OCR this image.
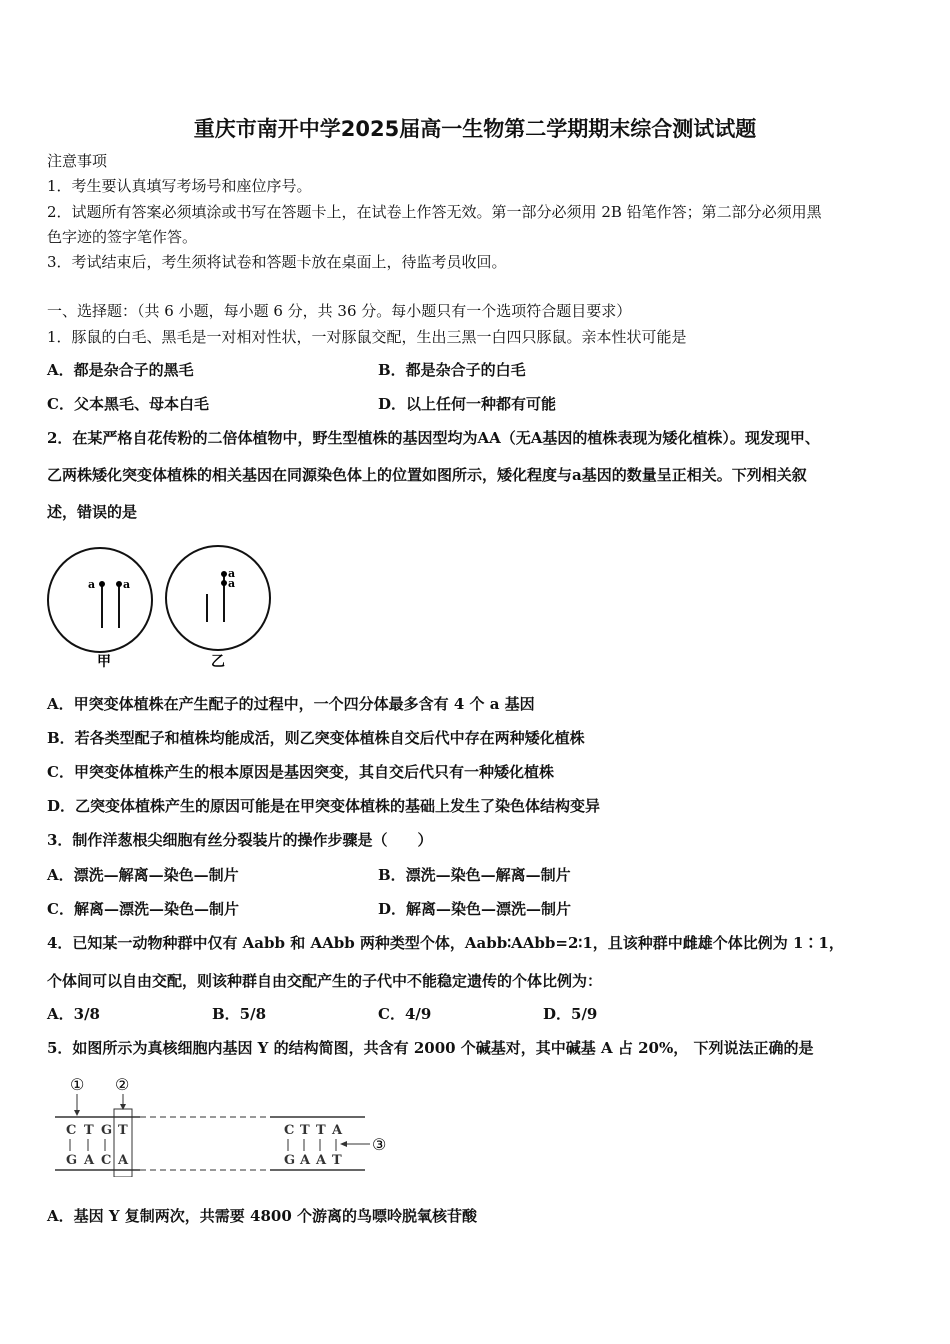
重庆市南开中学2025届高一生物第二学期期末综合测试试题
注意事项
1．考生要认真填写考场号和座位序号。
2．试题所有答案必须填涂或书写在答题卡上，在试卷上作答无效。第一部分必须用 2B 铅笔作答；第二部分必须用黑
色字迹的签字笔作答。
3．考试结束后，考生须将试卷和答题卡放在桌面上，待监考员收回。
一、选择题：（共 6 小题，每小题 6 分，共 36 分。每小题只有一个选项符合题目要求）
1．豚鼠的白毛、黑毛是一对相对性状，一对豚鼠交配，生出三黑一白四只豚鼠。亲本性状可能是
A．都是杂合子的黑毛	B．都是杂合子的白毛
C．父本黑毛、母本白毛	D．以上任何一种都有可能
2．在某严格自花传粉的二倍体植物中，野生型植株的基因型均为AA（无A基因的植株表现为矮化植株）。现发现甲、
乙两株矮化突变体植株的相关基因在同源染色体上的位置如图所示，矮化程度与a基因的数量呈正相关。下列相关叙
述，错误的是
a	a
a
a
甲	乙
A．甲突变体植株在产生配子的过程中，一个四分体最多含有 4 个 a 基因
B．若各类型配子和植株均能成活，则乙突变体植株自交后代中存在两种矮化植株
C．甲突变体植株产生的根本原因是基因突变，其自交后代只有一种矮化植株
D．乙突变体植株产生的原因可能是在甲突变体植株的基础上发生了染色体结构变异
3．制作洋葱根尖细胞有丝分裂装片的操作步骤是（　　）
A．漂洗—解离—染色—制片	B．漂洗—染色—解离—制片
C．解离—漂洗—染色—制片	D．解离—染色—漂洗—制片
4．已知某一动物种群中仅有 Aabb 和 AAbb 两种类型个体，Aabb∶AAbb=2∶1，且该种群中雌雄个体比例为 1∶1，
个体间可以自由交配，则该种群自由交配产生的子代中不能稳定遗传的个体比例为：
A．3/8	B．5/8	C．4/9	D．5/9
5．如图所示为真核细胞内基因 Y 的结构简图，共含有 2000 个碱基对，其中碱基 A 占 20%， 下列说法正确的是
① ②
C T G T
G A C A
C T T A
G A A T
③
A．基因 Y 复制两次，共需要 4800 个游离的鸟嘌呤脱氧核苷酸
